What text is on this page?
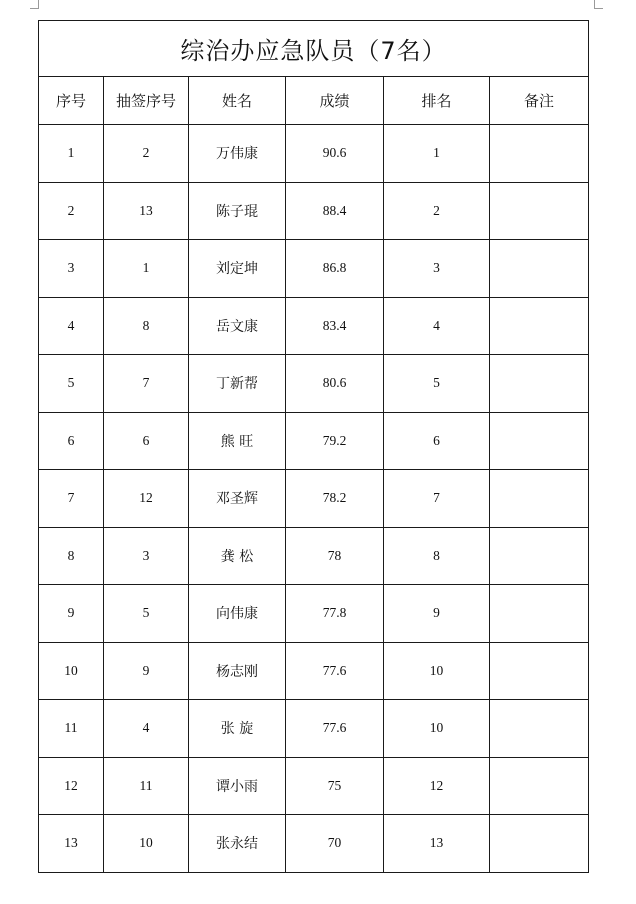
综治办应急队员（7名）					
序号	抽签序号	姓名	成绩	排名	备注
1	2	万伟康	90.6	1	
2	13	陈子琨	88.4	2	
3	1	刘定坤	86.8	3	
4	8	岳文康	83.4	4	
5	7	丁新帮	80.6	5	
6	6	熊 旺	79.2	6	
7	12	邓圣辉	78.2	7	
8	3	龚 松	78	8	
9	5	向伟康	77.8	9	
10	9	杨志刚	77.6	10	
11	4	张 旋	77.6	10	
12	11	谭小雨	75	12	
13	10	张永结	70	13	
